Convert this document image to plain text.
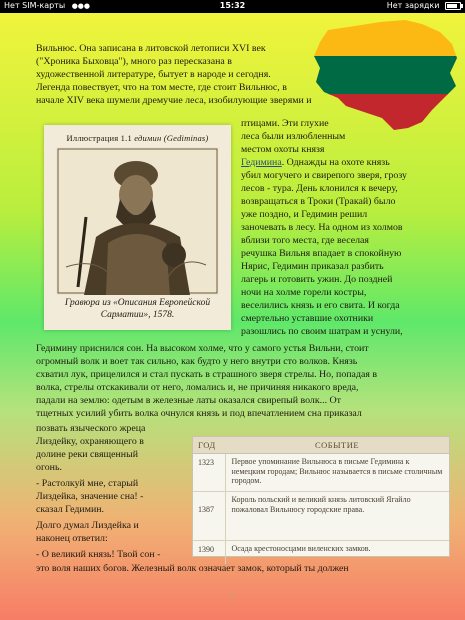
Нет SIM-карты ●●●	15:32	Нет зарядки
Вильнюс. Она записана в литовской летописи XVI век
("Хроника Быховца"), много раз пересказана в
художественной литературе, бытует в народе и сегодня.
Легенда повествует, что на том месте, где стоит Вильнюс, в
начале XIV века шумели дремучие леса, изобилующие зверями и
Иллюстрация 1.1 едимин (Gediminas)
Гравюра из «Описания Европейской
Сарматии», 1578.
птицами. Эти глухие
леса были излюбленным
местом охоты князя
Гедимина. Однажды на охоте князь
убил могучего и свирепого зверя, грозу
лесов - тура. День клонился к вечеру,
возвращаться в Троки (Тракай) было
уже поздно, и Гедимин решил
заночевать в лесу. На одном из холмов
вблизи того места, где веселая
речушка Вильня впадает в спокойную
Нярис, Гедимин приказал разбить
лагерь и готовить ужин. До поздней
ночи на холме горели костры,
веселились князь и его свита. И когда
смертельно уставшие охотники
разошлись по своим шатрам и уснули,
Гедимину приснился сон. На высоком холме, что у самого устья Вильни, стоит
огромный волк и воет так сильно, как будто у него внутри сто волков. Князь
схватил лук, прицелился и стал пускать в страшного зверя стрелы. Но, попадая в
волка, стрелы отскакивали от него, ломались и, не причиняя никакого вреда,
падали на землю: одетым в железные латы оказался свирепый волк... От
тщетных усилий убить волка очнулся князь и под впечатлением сна приказал
позвать языческого жреца
Лиздейку, охраняющего в
долине реки священный
огонь.
- Растолкуй мне, старый
Лиздейка, значение сна! -
сказал Гедимин.
Долго думал Лиздейка и
наконец ответил:
- О великий князь! Твой сон -
это воля наших богов. Железный волк означает замок, который ты должен
ГОД	СОБЫТИЕ
1323	Первое упоминание Вильнюса в письме Гедимина к немецким городам; Вильнюс называется в письме столичным городом.
1387	Король польский и великий князь литовский Ягайло пожаловал Вильнюсу городские права.
1390	Осада крестоносцами виленских замков.
5
